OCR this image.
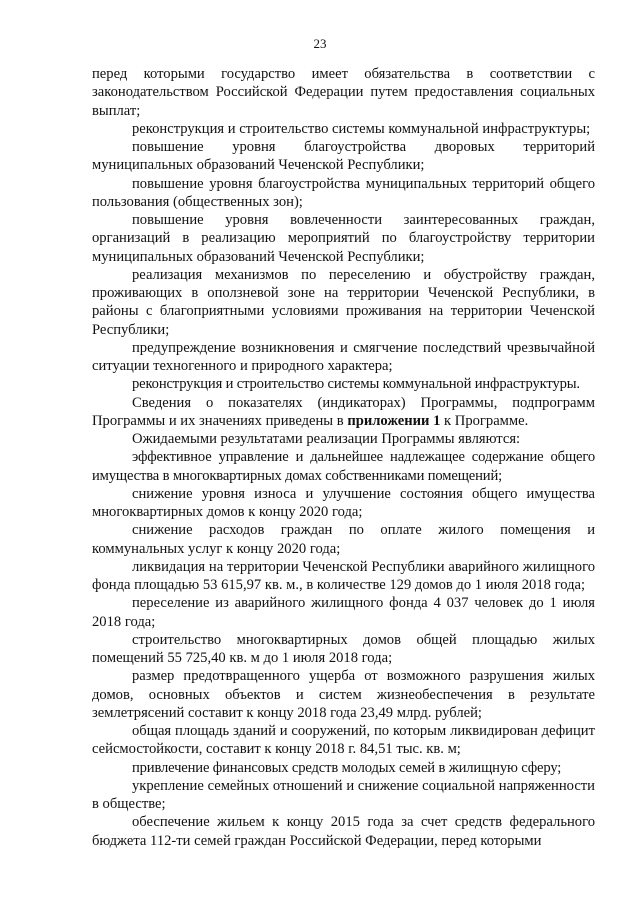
23

перед которыми государство имеет обязательства в соответствии с законодательством Российской Федерации путем предоставления социальных выплат;

реконструкция и строительство системы коммунальной инфраструктуры;

повышение уровня благоустройства дворовых территорий муниципальных образований Чеченской Республики;

повышение уровня благоустройства муниципальных территорий общего пользования (общественных зон);

повышение уровня вовлеченности заинтересованных граждан, организаций в реализацию мероприятий по благоустройству территории муниципальных образований Чеченской Республики;

реализация механизмов по переселению и обустройству граждан, проживающих в оползневой зоне на территории Чеченской Республики, в районы с благоприятными условиями проживания на территории Чеченской Республики;

предупреждение возникновения и смягчение последствий чрезвычайной ситуации техногенного и природного характера;

реконструкция и строительство системы коммунальной инфраструктуры.

Сведения о показателях (индикаторах) Программы, подпрограмм Программы и их значениях приведены в приложении 1 к Программе.

Ожидаемыми результатами реализации Программы являются:

эффективное управление и дальнейшее надлежащее содержание общего имущества в многоквартирных домах собственниками помещений;

снижение уровня износа и улучшение состояния общего имущества многоквартирных домов к концу 2020 года;

снижение расходов граждан по оплате жилого помещения и коммунальных услуг к концу 2020 года;

ликвидация на территории Чеченской Республики аварийного жилищного фонда площадью 53 615,97 кв. м., в количестве 129 домов до 1 июля 2018 года;

переселение из аварийного жилищного фонда 4 037 человек до 1 июля 2018 года;

строительство многоквартирных домов общей площадью жилых помещений 55 725,40 кв. м до 1 июля 2018 года;

размер предотвращенного ущерба от возможного разрушения жилых домов, основных объектов и систем жизнеобеспечения в результате землетрясений составит к концу 2018 года 23,49 млрд. рублей;

общая площадь зданий и сооружений, по которым ликвидирован дефицит сейсмостойкости, составит к концу 2018 г. 84,51 тыс. кв. м;

привлечение финансовых средств молодых семей в жилищную сферу;

укрепление семейных отношений и снижение социальной напряженности в обществе;

обеспечение жильем к концу 2015 года за счет средств федерального бюджета 112-ти семей граждан Российской Федерации, перед которыми
